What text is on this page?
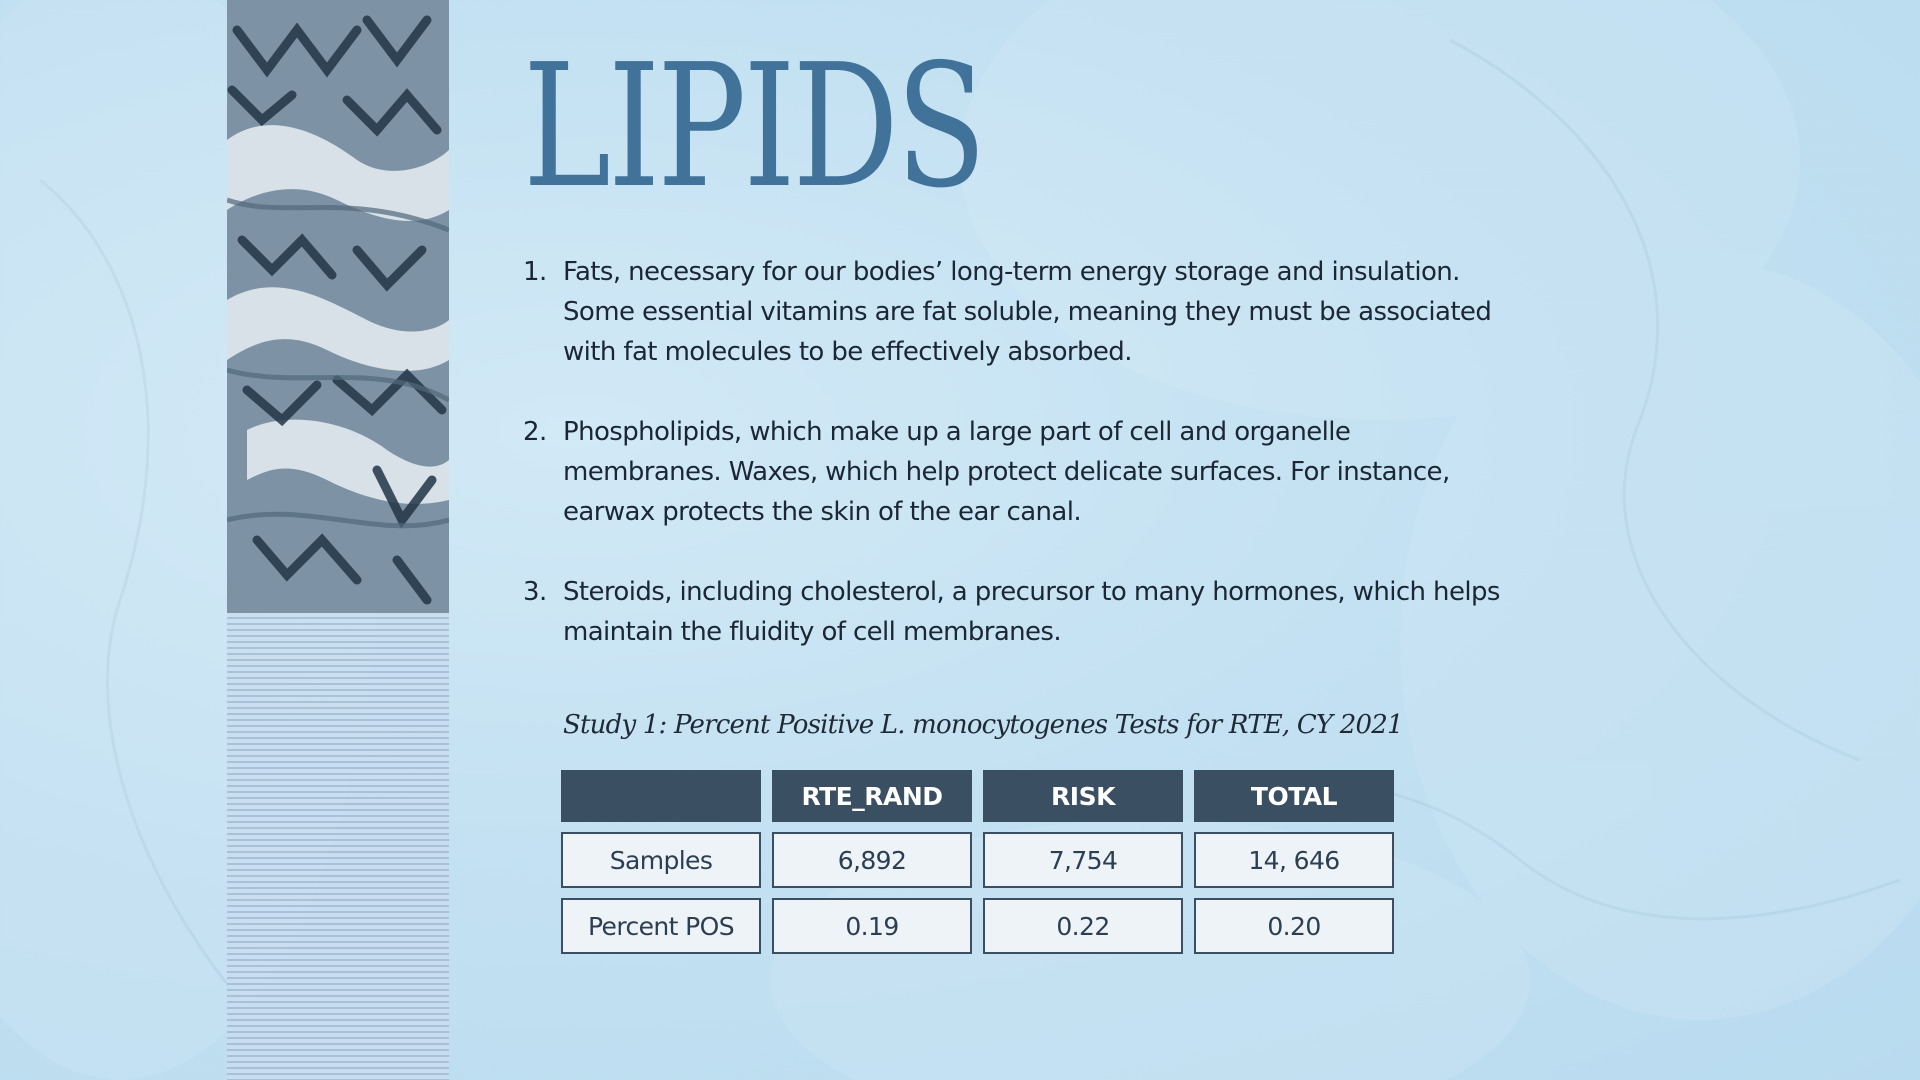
LIPIDS
1. Fats, necessary for our bodies’ long-term energy storage and insulation. Some essential vitamins are fat soluble, meaning they must be associated with fat molecules to be effectively absorbed.
2. Phospholipids, which make up a large part of cell and organelle membranes. Waxes, which help protect delicate surfaces. For instance, earwax protects the skin of the ear canal.
3. Steroids, including cholesterol, a precursor to many hormones, which helps maintain the fluidity of cell membranes.

Study 1: Percent Positive L. monocytogenes Tests for RTE, CY 2021

	RTE_RAND	RISK	TOTAL
Samples	6,892	7,754	14, 646
Percent POS	0.19	0.22	0.20
